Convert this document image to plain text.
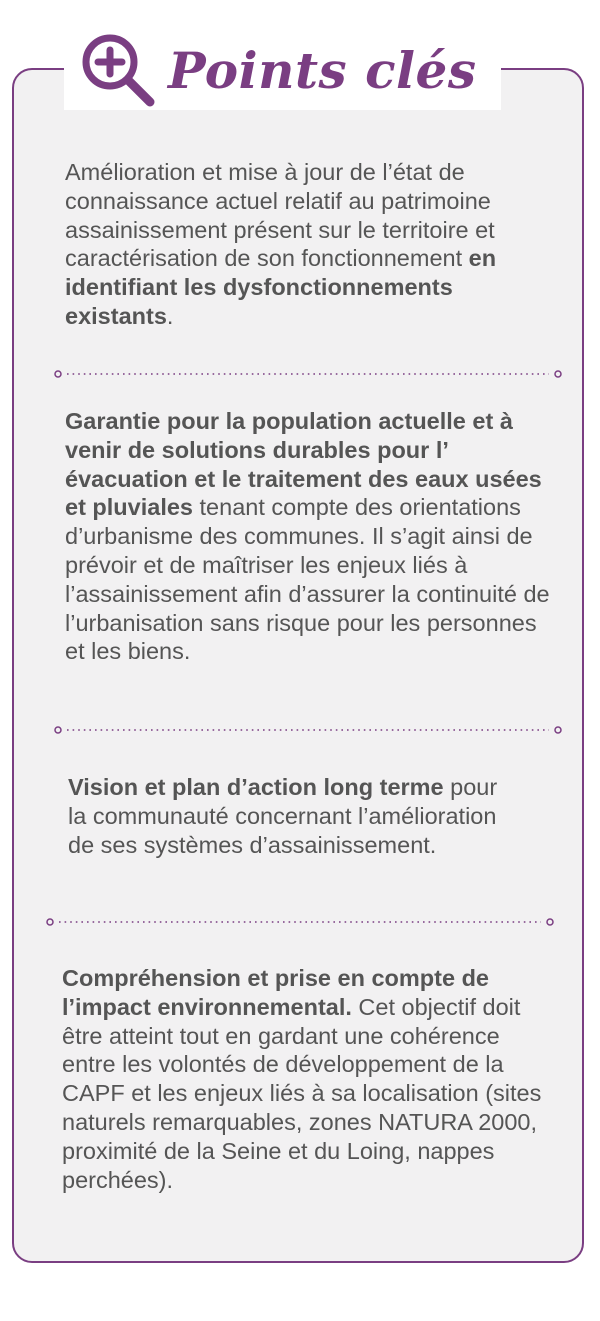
Points clés
Amélioration et mise à jour de l’état de connaissance actuel relatif au patrimoine assainissement présent sur le territoire et caractérisation de son fonctionnement en identifiant les dysfonctionnements existants.
Garantie pour la population actuelle et à venir de solutions durables pour l’ évacuation et le traitement des eaux usées et pluviales tenant compte des orientations d’urbanisme des communes. Il s’agit ainsi de prévoir et de maîtriser les enjeux liés à l’assainissement afin d’assurer la continuité de l’urbanisation sans risque pour les personnes et les biens.
Vision et plan d’action long terme pour la communauté concernant l’amélioration de ses systèmes d’assainissement.
Compréhension et prise en compte de l’impact environnemental. Cet objectif doit être atteint tout en gardant une cohérence entre les volontés de développement de la CAPF et les enjeux liés à sa localisation (sites naturels remarquables, zones NATURA 2000, proximité de la Seine et du Loing, nappes perchées).
